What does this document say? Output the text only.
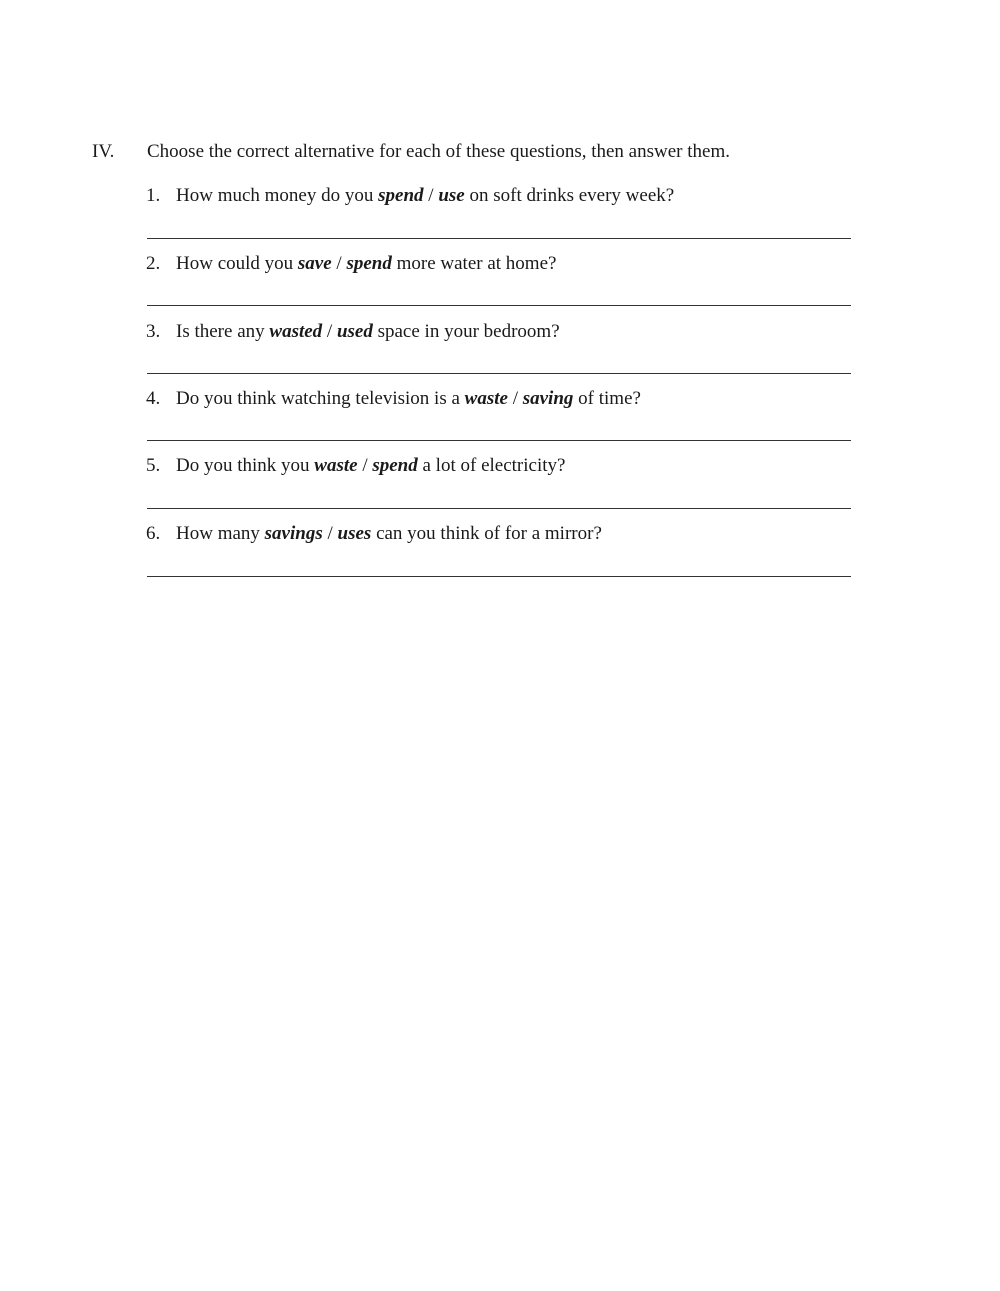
IV. Choose the correct alternative for each of these questions, then answer them.
1. How much money do you spend / use on soft drinks every week?
2. How could you save / spend more water at home?
3. Is there any wasted / used space in your bedroom?
4. Do you think watching television is a waste / saving of time?
5. Do you think you waste / spend a lot of electricity?
6. How many savings / uses can you think of for a mirror?
